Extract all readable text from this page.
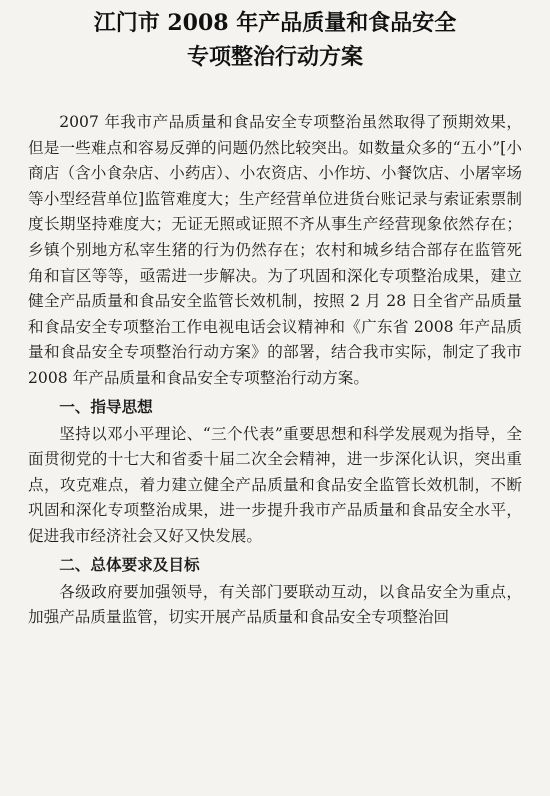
江门市 2008 年产品质量和食品安全
专项整治行动方案

2007 年我市产品质量和食品安全专项整治虽然取得了预期效果，但是一些难点和容易反弹的问题仍然比较突出。如数量众多的“五小”[小商店（含小食杂店、小药店）、小农资店、小作坊、小餐饮店、小屠宰场等小型经营单位]监管难度大；生产经营单位进货台账记录与索证索票制度长期坚持难度大；无证无照或证照不齐从事生产经营现象依然存在；乡镇个别地方私宰生猪的行为仍然存在；农村和城乡结合部存在监管死角和盲区等等，亟需进一步解决。为了巩固和深化专项整治成果，建立健全产品质量和食品安全监管长效机制，按照 2 月 28 日全省产品质量和食品安全专项整治工作电视电话会议精神和《广东省 2008 年产品质量和食品安全专项整治行动方案》的部署，结合我市实际，制定了我市 2008 年产品质量和食品安全专项整治行动方案。

一、指导思想

坚持以邓小平理论、“三个代表”重要思想和科学发展观为指导，全面贯彻党的十七大和省委十届二次全会精神，进一步深化认识，突出重点，攻克难点，着力建立健全产品质量和食品安全监管长效机制，不断巩固和深化专项整治成果，进一步提升我市产品质量和食品安全水平，促进我市经济社会又好又快发展。

二、总体要求及目标

各级政府要加强领导，有关部门要联动互动，以食品安全为重点，加强产品质量监管，切实开展产品质量和食品安全专项整治回
